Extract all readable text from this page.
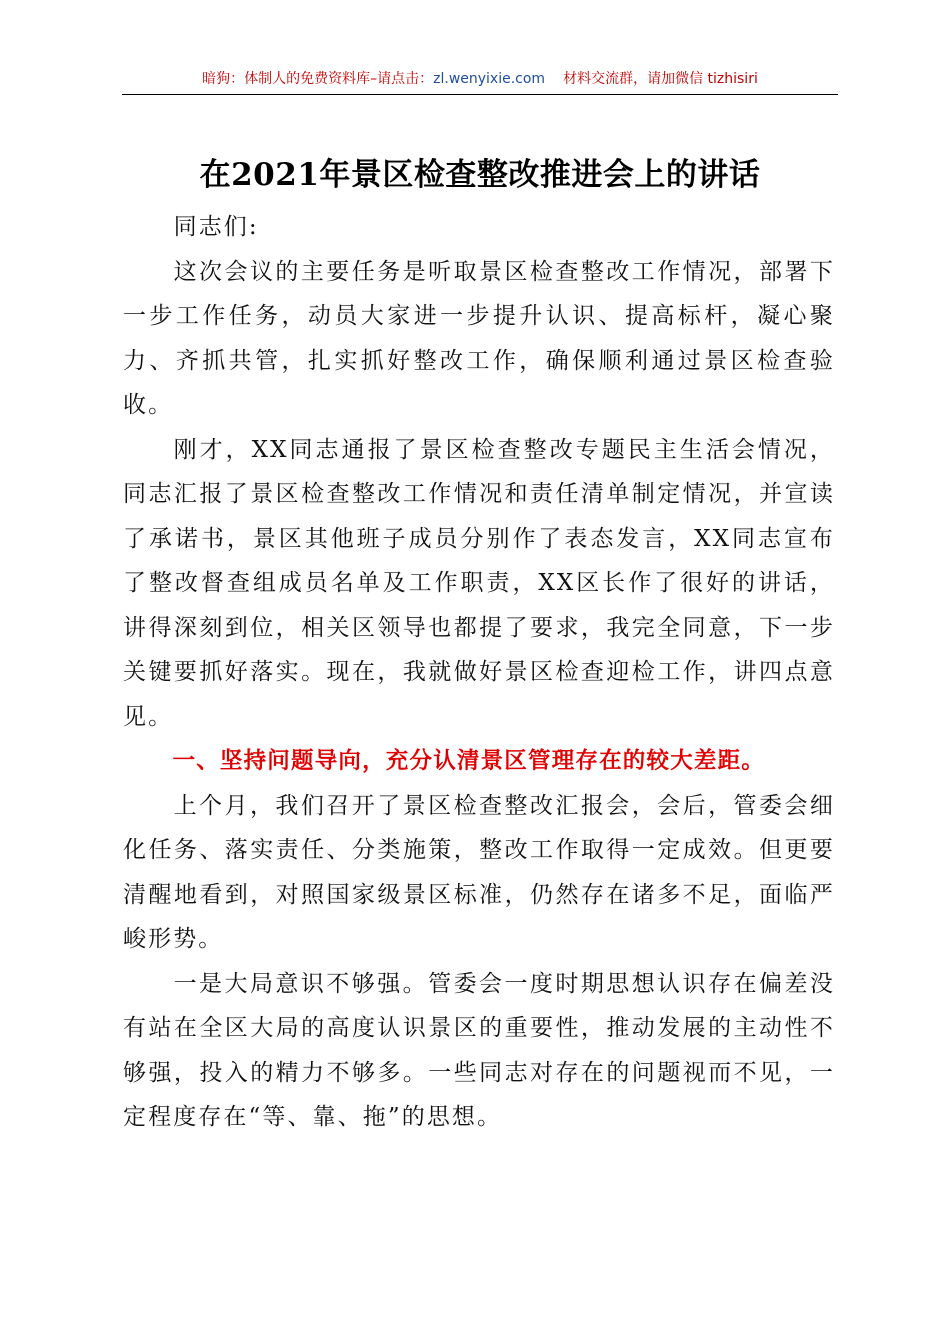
暗狗：体制人的免费资料库–请点击：zl.wenyixie.com 材料交流群，请加微信 tizhisiri
在2021年景区检查整改推进会上的讲话

同志们:

这次会议的主要任务是听取景区检查整改工作情况，部署下一步工作任务，动员大家进一步提升认识、提高标杆，凝心聚力、齐抓共管，扎实抓好整改工作，确保顺利通过景区检查验收。

刚才，XX同志通报了景区检查整改专题民主生活会情况，同志汇报了景区检查整改工作情况和责任清单制定情况，并宣读了承诺书，景区其他班子成员分别作了表态发言，XX同志宣布了整改督查组成员名单及工作职责，XX区长作了很好的讲话，讲得深刻到位，相关区领导也都提了要求，我完全同意，下一步关键要抓好落实。现在，我就做好景区检查迎检工作，讲四点意见。

一、坚持问题导向，充分认清景区管理存在的较大差距。

上个月，我们召开了景区检查整改汇报会，会后，管委会细化任务、落实责任、分类施策，整改工作取得一定成效。但更要清醒地看到，对照国家级景区标准，仍然存在诸多不足，面临严峻形势。

一是大局意识不够强。管委会一度时期思想认识存在偏差没有站在全区大局的高度认识景区的重要性，推动发展的主动性不够强，投入的精力不够多。一些同志对存在的问题视而不见，一定程度存在“等、靠、拖”的思想。
